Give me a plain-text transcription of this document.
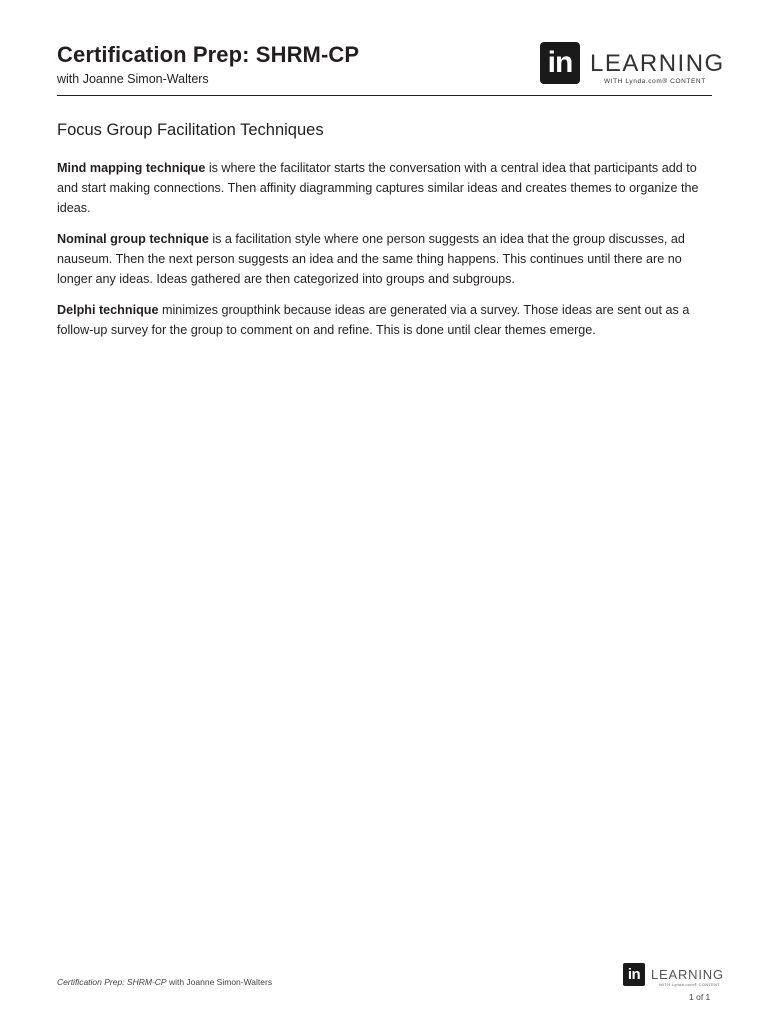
Certification Prep: SHRM-CP
with Joanne Simon-Walters	in LEARNING
WITH Lynda.com® CONTENT
Focus Group Facilitation Techniques

Mind mapping technique is where the facilitator starts the conversation with a central idea that participants add to and start making connections. Then affinity diagramming captures similar ideas and creates themes to organize the ideas.

Nominal group technique is a facilitation style where one person suggests an idea that the group discusses, ad nauseum. Then the next person suggests an idea and the same thing happens. This continues until there are no longer any ideas. Ideas gathered are then categorized into groups and subgroups.

Delphi technique minimizes groupthink because ideas are generated via a survey. Those ideas are sent out as a follow-up survey for the group to comment on and refine. This is done until clear themes emerge.

Certification Prep: SHRM-CP with Joanne Simon-Walters	in LEARNING
WITH Lynda.com® CONTENT
1 of 1
